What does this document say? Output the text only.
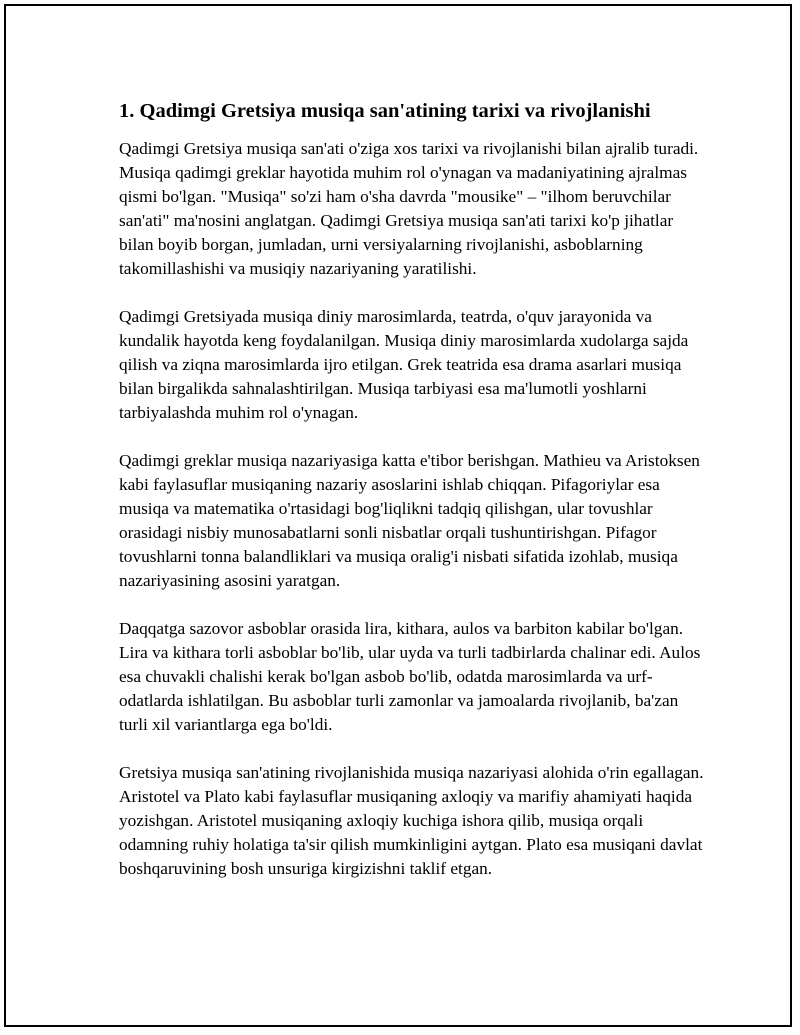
1. Qadimgi Gretsiya musiqa san'atining tarixi va rivojlanishi

Qadimgi Gretsiya musiqa san'ati o'ziga xos tarixi va rivojlanishi bilan ajralib turadi. Musiqa qadimgi greklar hayotida muhim rol o'ynagan va madaniyatining ajralmas qismi bo'lgan. "Musiqa" so'zi ham o'sha davrda "mousike" – "ilhom beruvchilar san'ati" ma'nosini anglatgan. Qadimgi Gretsiya musiqa san'ati tarixi ko'p jihatlar bilan boyib borgan, jumladan, urni versiyalarning rivojlanishi, asboblarning takomillashishi va musiqiy nazariyaning yaratilishi.

Qadimgi Gretsiyada musiqa diniy marosimlarda, teatrda, o'quv jarayonida va kundalik hayotda keng foydalanilgan. Musiqa diniy marosimlarda xudolarga sajda qilish va ziqna marosimlarda ijro etilgan. Grek teatrida esa drama asarlari musiqa bilan birgalikda sahnalashtirilgan. Musiqa tarbiyasi esa ma'lumotli yoshlarni tarbiyalashda muhim rol o'ynagan.

Qadimgi greklar musiqa nazariyasiga katta e'tibor berishgan. Mathieu va Aristoksen kabi faylasuflar musiqaning nazariy asoslarini ishlab chiqqan. Pifagoriylar esa musiqa va matematika o'rtasidagi bog'liqlikni tadqiq qilishgan, ular tovushlar orasidagi nisbiy munosabatlarni sonli nisbatlar orqali tushuntirishgan. Pifagor tovushlarni tonna balandliklari va musiqa oralig'i nisbati sifatida izohlab, musiqa nazariyasining asosini yaratgan.

Daqqatga sazovor asboblar orasida lira, kithara, aulos va barbiton kabilar bo'lgan. Lira va kithara torli asboblar bo'lib, ular uyda va turli tadbirlarda chalinar edi. Aulos esa chuvakli chalishi kerak bo'lgan asbob bo'lib, odatda marosimlarda va urf-odatlarda ishlatilgan. Bu asboblar turli zamonlar va jamoalarda rivojlanib, ba'zan turli xil variantlarga ega bo'ldi.

Gretsiya musiqa san'atining rivojlanishida musiqa nazariyasi alohida o'rin egallagan. Aristotel va Plato kabi faylasuflar musiqaning axloqiy va marifiy ahamiyati haqida yozishgan. Aristotel musiqaning axloqiy kuchiga ishora qilib, musiqa orqali odamning ruhiy holatiga ta'sir qilish mumkinligini aytgan. Plato esa musiqani davlat boshqaruvining bosh unsuriga kirgizishni taklif etgan.
